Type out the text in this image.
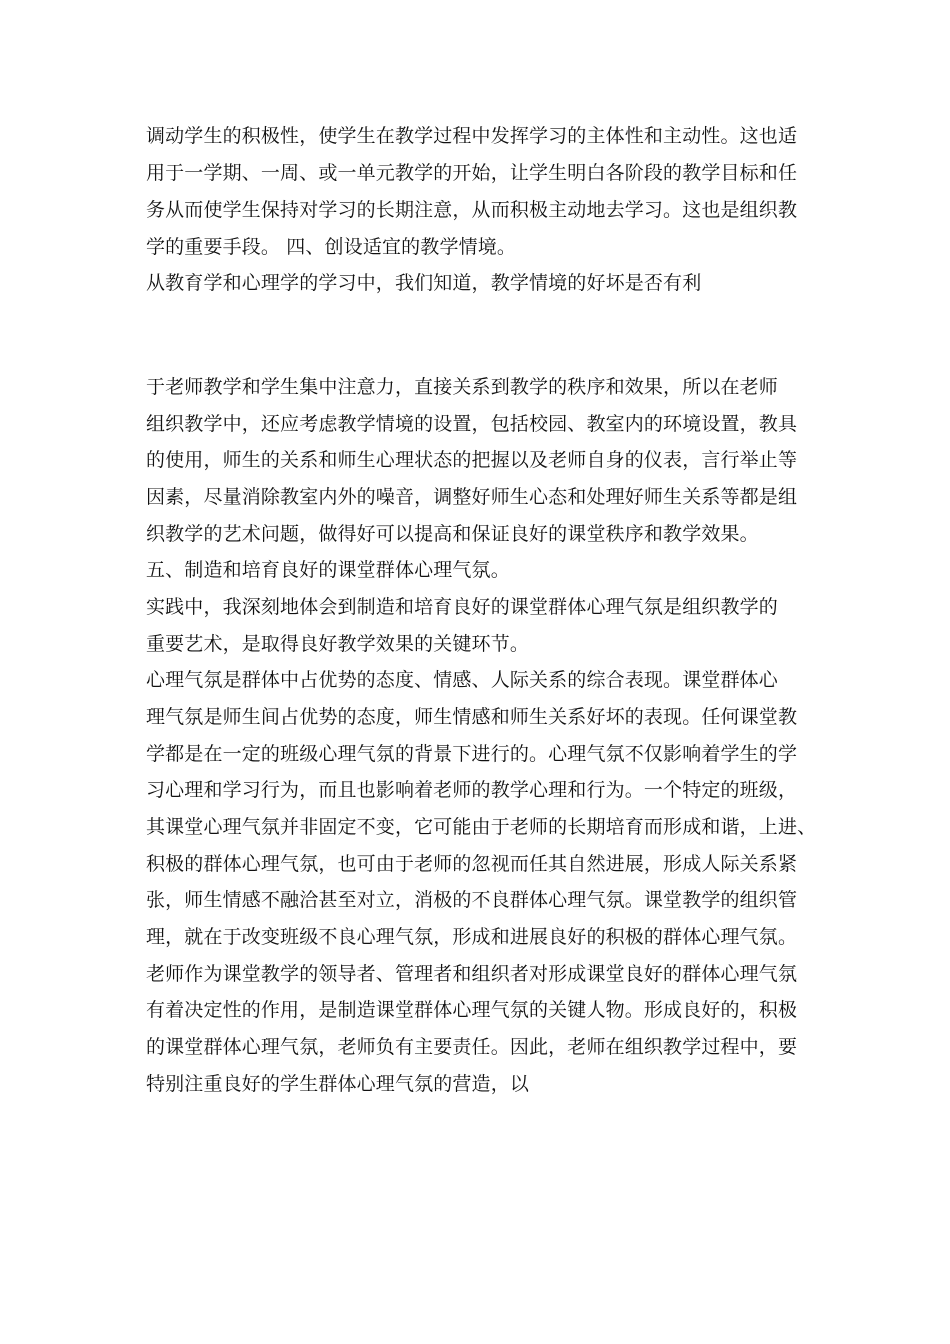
调动学生的积极性，使学生在教学过程中发挥学习的主体性和主动性。这也适
用于一学期、一周、或一单元教学的开始，让学生明白各阶段的教学目标和任
务从而使学生保持对学习的长期注意，从而积极主动地去学习。这也是组织教
学的重要手段。 四、创设适宜的教学情境。
从教育学和心理学的学习中，我们知道，教学情境的好坏是否有利
于老师教学和学生集中注意力，直接关系到教学的秩序和效果，所以在老师
组织教学中，还应考虑教学情境的设置，包括校园、教室内的环境设置，教具
的使用，师生的关系和师生心理状态的把握以及老师自身的仪表，言行举止等
因素，尽量消除教室内外的噪音，调整好师生心态和处理好师生关系等都是组
织教学的艺术问题，做得好可以提高和保证良好的课堂秩序和教学效果。
五、制造和培育良好的课堂群体心理气氛。
实践中，我深刻地体会到制造和培育良好的课堂群体心理气氛是组织教学的
重要艺术，是取得良好教学效果的关键环节。
心理气氛是群体中占优势的态度、情感、人际关系的综合表现。课堂群体心
理气氛是师生间占优势的态度，师生情感和师生关系好坏的表现。任何课堂教
学都是在一定的班级心理气氛的背景下进行的。心理气氛不仅影响着学生的学
习心理和学习行为，而且也影响着老师的教学心理和行为。一个特定的班级，
其课堂心理气氛并非固定不变，它可能由于老师的长期培育而形成和谐，上进、
积极的群体心理气氛，也可由于老师的忽视而任其自然进展，形成人际关系紧
张，师生情感不融洽甚至对立，消极的不良群体心理气氛。课堂教学的组织管
理，就在于改变班级不良心理气氛，形成和进展良好的积极的群体心理气氛。
老师作为课堂教学的领导者、管理者和组织者对形成课堂良好的群体心理气氛
有着决定性的作用，是制造课堂群体心理气氛的关键人物。形成良好的，积极
的课堂群体心理气氛，老师负有主要责任。因此，老师在组织教学过程中，要
特别注重良好的学生群体心理气氛的营造，以
